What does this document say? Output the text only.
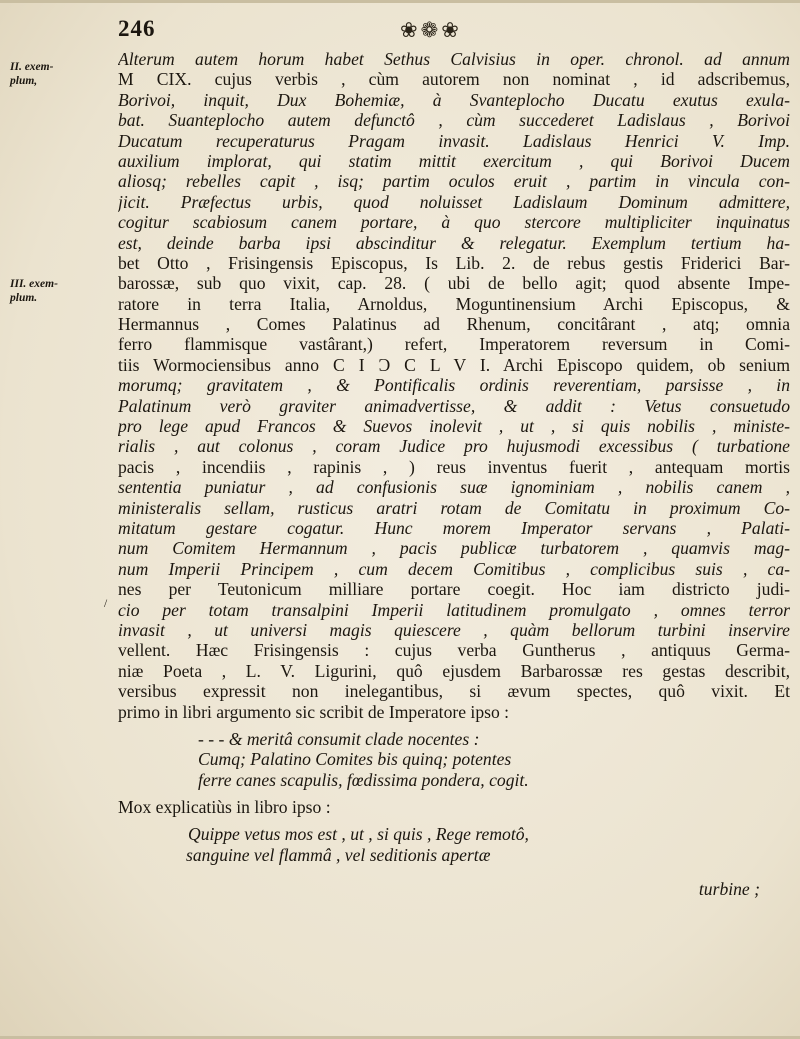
246	❀❁❀
II. exem-
plum,
III. exem-
plum.
/
Alterum autem horum habet Sethus Calvisius in oper. chronol. ad annum
M CIX. cujus verbis , cùm autorem non nominat , id adscribemus,
Borivoi, inquit, Dux Bohemiæ, à Svanteplocho Ducatu exutus exula-
bat. Suanteplocho autem defunctô , cùm succederet Ladislaus , Borivoi
Ducatum recuperaturus Pragam invasit. Ladislaus Henrici V. Imp.
auxilium implorat, qui statim mittit exercitum , qui Borivoi Ducem
aliosq; rebelles capit , isq; partim oculos eruit , partim in vincula con-
jicit. Præfectus urbis, quod noluisset Ladislaum Dominum admittere,
cogitur scabiosum canem portare, à quo stercore multipliciter inquinatus
est, deinde barba ipsi abscinditur & relegatur. Exemplum tertium ha-
bet Otto , Frisingensis Episcopus, Is Lib. 2. de rebus gestis Friderici Bar-
barossæ, sub quo vixit, cap. 28. ( ubi de bello agit; quod absente Impe-
ratore in terra Italia, Arnoldus, Moguntinensium Archi Episcopus, &
Hermannus , Comes Palatinus ad Rhenum, concitârant , atq; omnia
ferro flammisque vastârant,) refert, Imperatorem reversum in Comi-
tiis Wormociensibus anno C I Ɔ C L V I. Archi Episcopo quidem, ob senium
morumq; gravitatem , & Pontificalis ordinis reverentiam, parsisse , in
Palatinum verò graviter animadvertisse, & addit : Vetus consuetudo
pro lege apud Francos & Suevos inolevit , ut , si quis nobilis , ministe-
rialis , aut colonus , coram Judice pro hujusmodi excessibus ( turbatione
pacis , incendiis , rapinis , ) reus inventus fuerit , antequam mortis
sententia puniatur , ad confusionis suæ ignominiam , nobilis canem ,
ministeralis sellam, rusticus aratri rotam de Comitatu in proximum Co-
mitatum gestare cogatur. Hunc morem Imperator servans , Palati-
num Comitem Hermannum , pacis publicæ turbatorem , quamvis mag-
num Imperii Principem , cum decem Comitibus , complicibus suis , ca-
nes per Teutonicum milliare portare coegit. Hoc iam districto judi-
cio per totam transalpini Imperii latitudinem promulgato , omnes terror
invasit , ut universi magis quiescere , quàm bellorum turbini inservire
vellent. Hæc Frisingensis : cujus verba Guntherus , antiquus Germa-
niæ Poeta , L. V. Ligurini, quô ejusdem Barbarossæ res gestas describit,
versibus expressit non inelegantibus, si ævum spectes, quô vixit. Et
primo in libri argumento sic scribit de Imperatore ipso :
- - - & meritâ consumit clade nocentes :
Cumq; Palatino Comites bis quinq; potentes
ferre canes scapulis, fœdissima pondera, cogit.
Mox explicatiùs in libro ipso :
Quippe vetus mos est , ut , si quis , Rege remotô,
sanguine vel flammâ , vel seditionis apertæ
turbine ;
